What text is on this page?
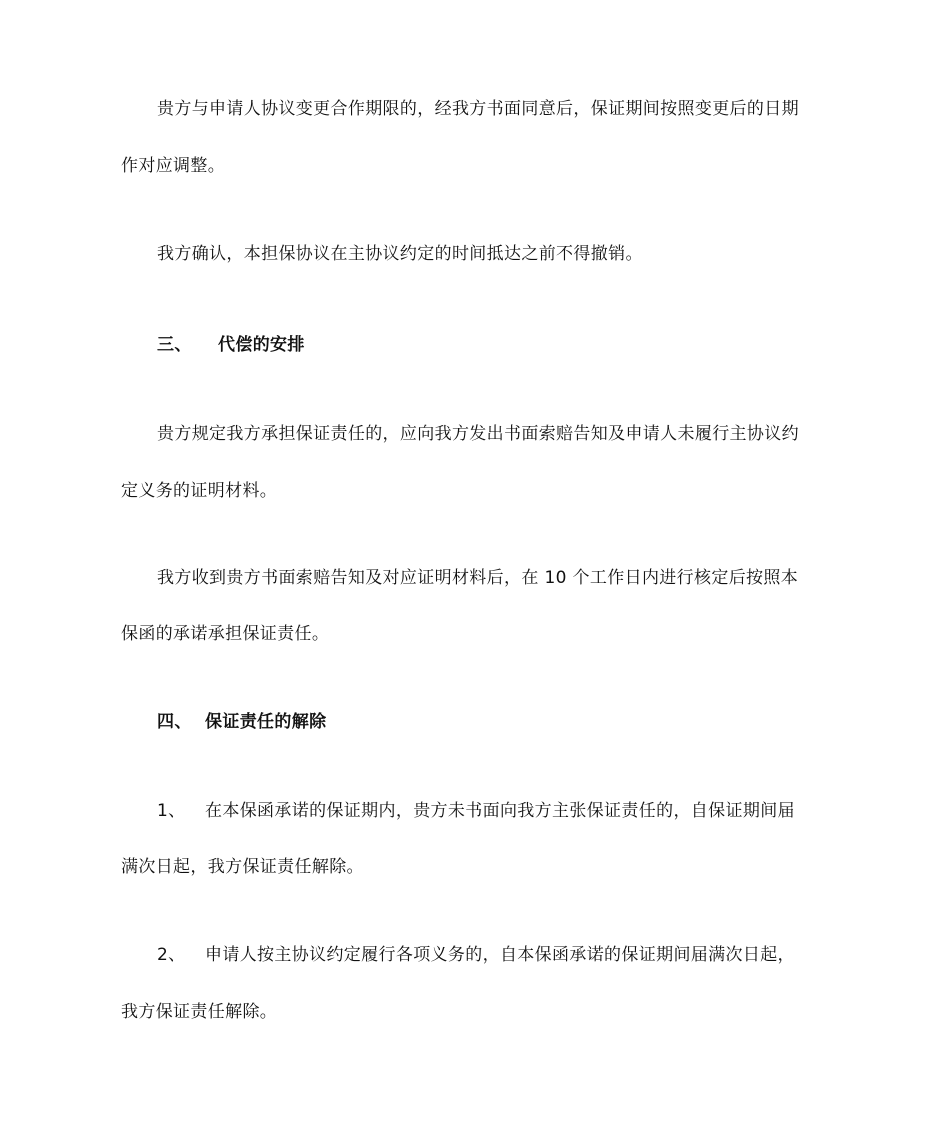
贵方与申请人协议变更合作期限的，经我方书面同意后，保证期间按照变更后的日期
作对应调整。
我方确认，本担保协议在主协议约定的时间抵达之前不得撤销。
三、 代偿的安排
贵方规定我方承担保证责任的，应向我方发出书面索赔告知及申请人未履行主协议约
定义务的证明材料。
我方收到贵方书面索赔告知及对应证明材料后，在 10 个工作日内进行核定后按照本
保函的承诺承担保证责任。
四、 保证责任的解除
1、 在本保函承诺的保证期内，贵方未书面向我方主张保证责任的，自保证期间届
满次日起，我方保证责任解除。
2、 申请人按主协议约定履行各项义务的，自本保函承诺的保证期间届满次日起，
我方保证责任解除。
